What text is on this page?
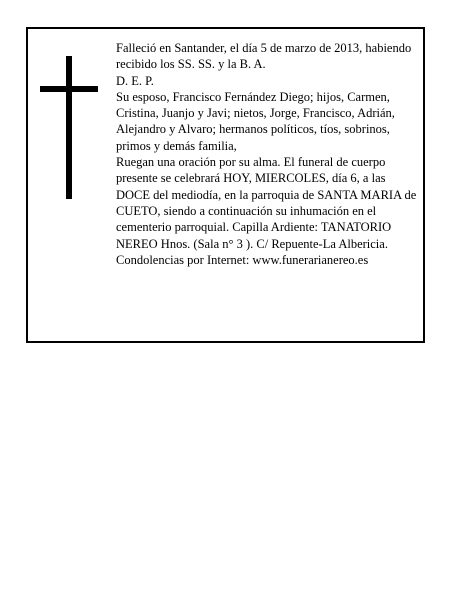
Falleció en Santander, el día 5 de marzo de 2013, habiendo recibido los SS. SS. y la B. A.

D. E. P.

Su esposo, Francisco Fernández Diego; hijos, Carmen, Cristina, Juanjo y Javi; nietos, Jorge, Francisco, Adrián, Alejandro y Alvaro; hermanos políticos, tíos, sobrinos, primos y demás familia,

Ruegan una oración por su alma. El funeral de cuerpo presente se celebrará HOY, MIERCOLES, día 6, a las DOCE del mediodía, en la parroquia de SANTA MARIA de CUETO, siendo a continuación su inhumación en el cementerio parroquial. Capilla Ardiente: TANATORIO NEREO Hnos. (Sala n° 3 ). C/ Repuente-La Albericia.

Condolencias por Internet: www.funerarianereo.es
